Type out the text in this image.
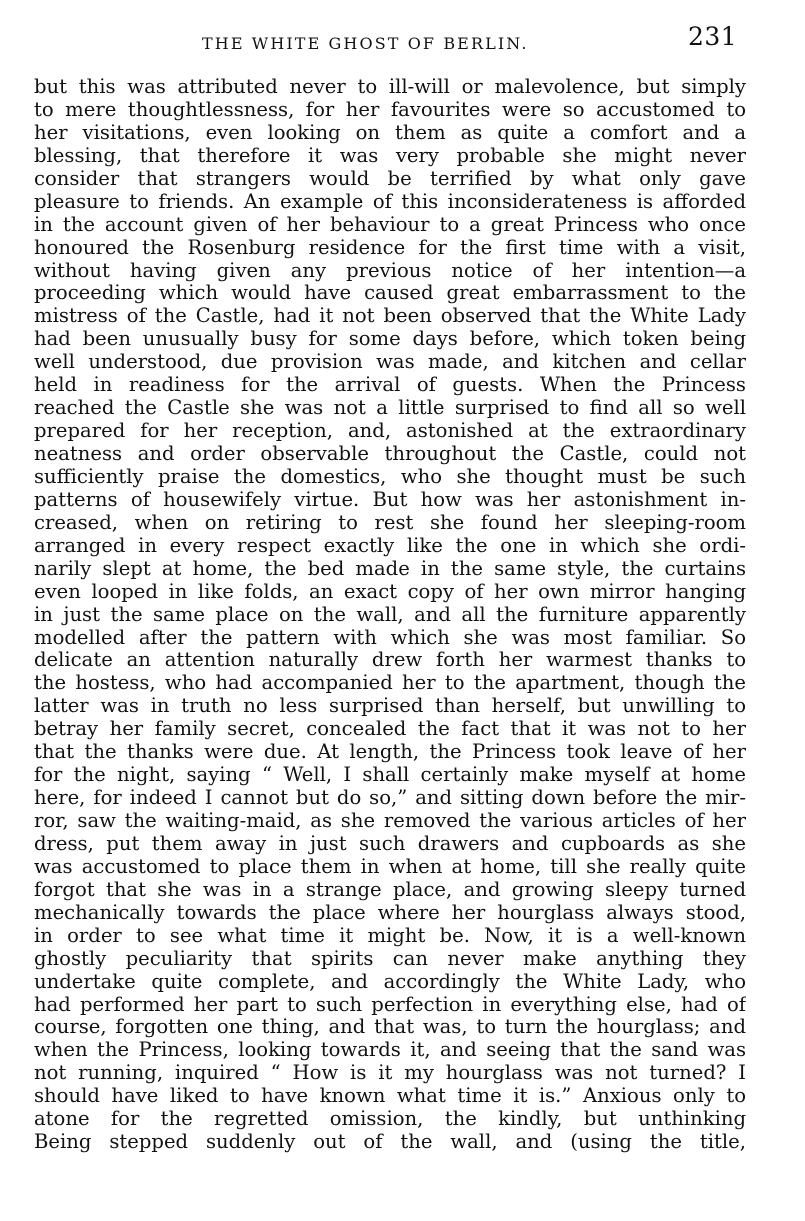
THE WHITE GHOST OF BERLIN.	231
but this was attributed never to ill-will or malevolence, but simply
to mere thoughtlessness, for her favourites were so accustomed to
her visitations, even looking on them as quite a comfort and a
blessing, that therefore it was very probable she might never
consider that strangers would be terrified by what only gave
pleasure to friends. An example of this inconsiderateness is afforded
in the account given of her behaviour to a great Princess who once
honoured the Rosenburg residence for the first time with a visit,
without having given any previous notice of her intention—a
proceeding which would have caused great embarrassment to the
mistress of the Castle, had it not been observed that the White Lady
had been unusually busy for some days before, which token being
well understood, due provision was made, and kitchen and cellar
held in readiness for the arrival of guests. When the Princess
reached the Castle she was not a little surprised to find all so well
prepared for her reception, and, astonished at the extraordinary
neatness and order observable throughout the Castle, could not
sufficiently praise the domestics, who she thought must be such
patterns of housewifely virtue. But how was her astonishment in-
creased, when on retiring to rest she found her sleeping-room
arranged in every respect exactly like the one in which she ordi-
narily slept at home, the bed made in the same style, the curtains
even looped in like folds, an exact copy of her own mirror hanging
in just the same place on the wall, and all the furniture apparently
modelled after the pattern with which she was most familiar. So
delicate an attention naturally drew forth her warmest thanks to
the hostess, who had accompanied her to the apartment, though the
latter was in truth no less surprised than herself, but unwilling to
betray her family secret, concealed the fact that it was not to her
that the thanks were due. At length, the Princess took leave of her
for the night, saying “ Well, I shall certainly make myself at home
here, for indeed I cannot but do so,” and sitting down before the mir-
ror, saw the waiting-maid, as she removed the various articles of her
dress, put them away in just such drawers and cupboards as she
was accustomed to place them in when at home, till she really quite
forgot that she was in a strange place, and growing sleepy turned
mechanically towards the place where her hourglass always stood,
in order to see what time it might be. Now, it is a well-known
ghostly peculiarity that spirits can never make anything they
undertake quite complete, and accordingly the White Lady, who
had performed her part to such perfection in everything else, had of
course, forgotten one thing, and that was, to turn the hourglass; and
when the Princess, looking towards it, and seeing that the sand was
not running, inquired “ How is it my hourglass was not turned? I
should have liked to have known what time it is.” Anxious only to
atone for the regretted omission, the kindly, but unthinking
Being stepped suddenly out of the wall, and (using the title,
